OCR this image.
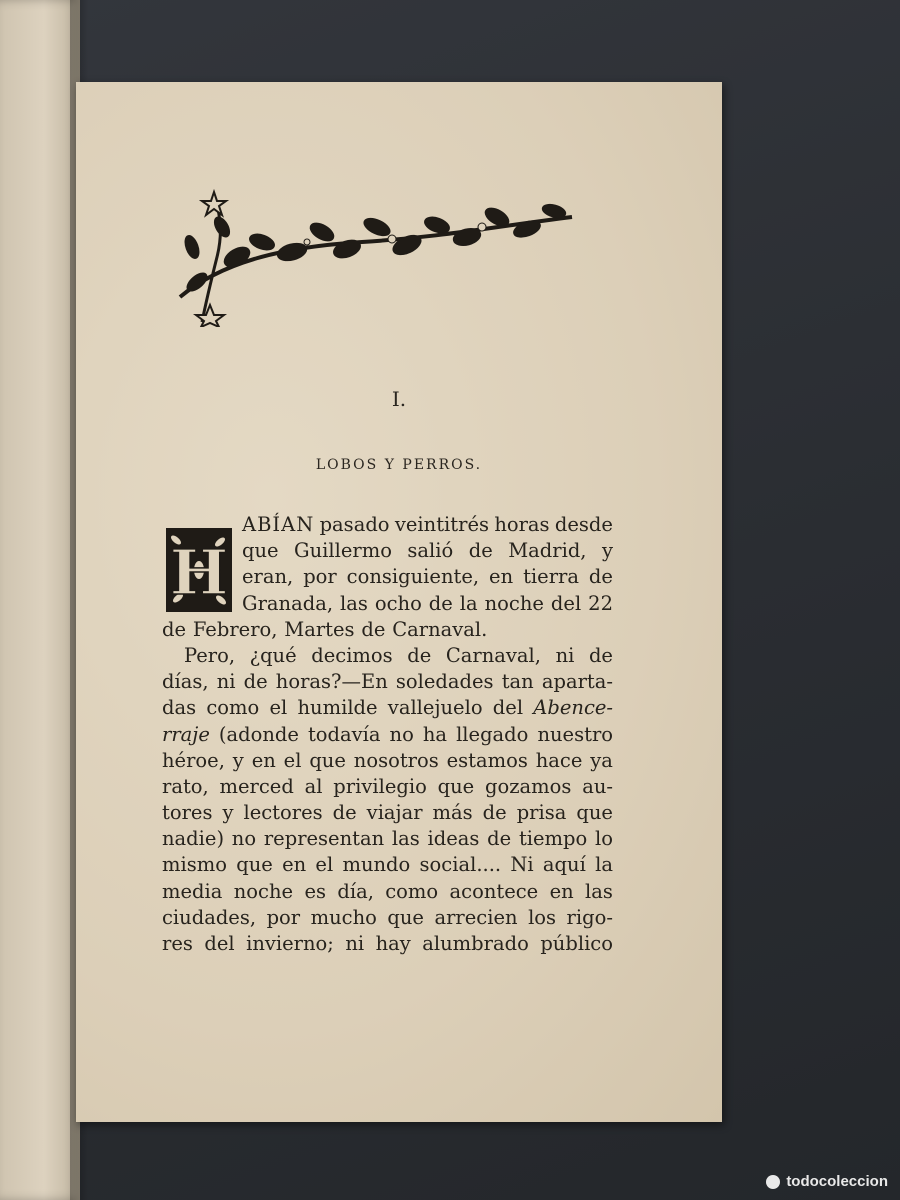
I.
LOBOS Y PERROS.
H
ABÍAN pasado veintitrés horas desde
que Guillermo salió de Madrid, y
eran, por consiguiente, en tierra de
Granada, las ocho de la noche del 22
de Febrero, Martes de Carnaval.
Pero, ¿qué decimos de Carnaval, ni de
días, ni de horas?—En soledades tan aparta-
das como el humilde vallejuelo del Abence-
rraje (adonde todavía no ha llegado nuestro
héroe, y en el que nosotros estamos hace ya
rato, merced al privilegio que gozamos au-
tores y lectores de viajar más de prisa que
nadie) no representan las ideas de tiempo lo
mismo que en el mundo social.... Ni aquí la
media noche es día, como acontece en las
ciudades, por mucho que arrecien los rigo-
res del invierno; ni hay alumbrado público
todocoleccion
